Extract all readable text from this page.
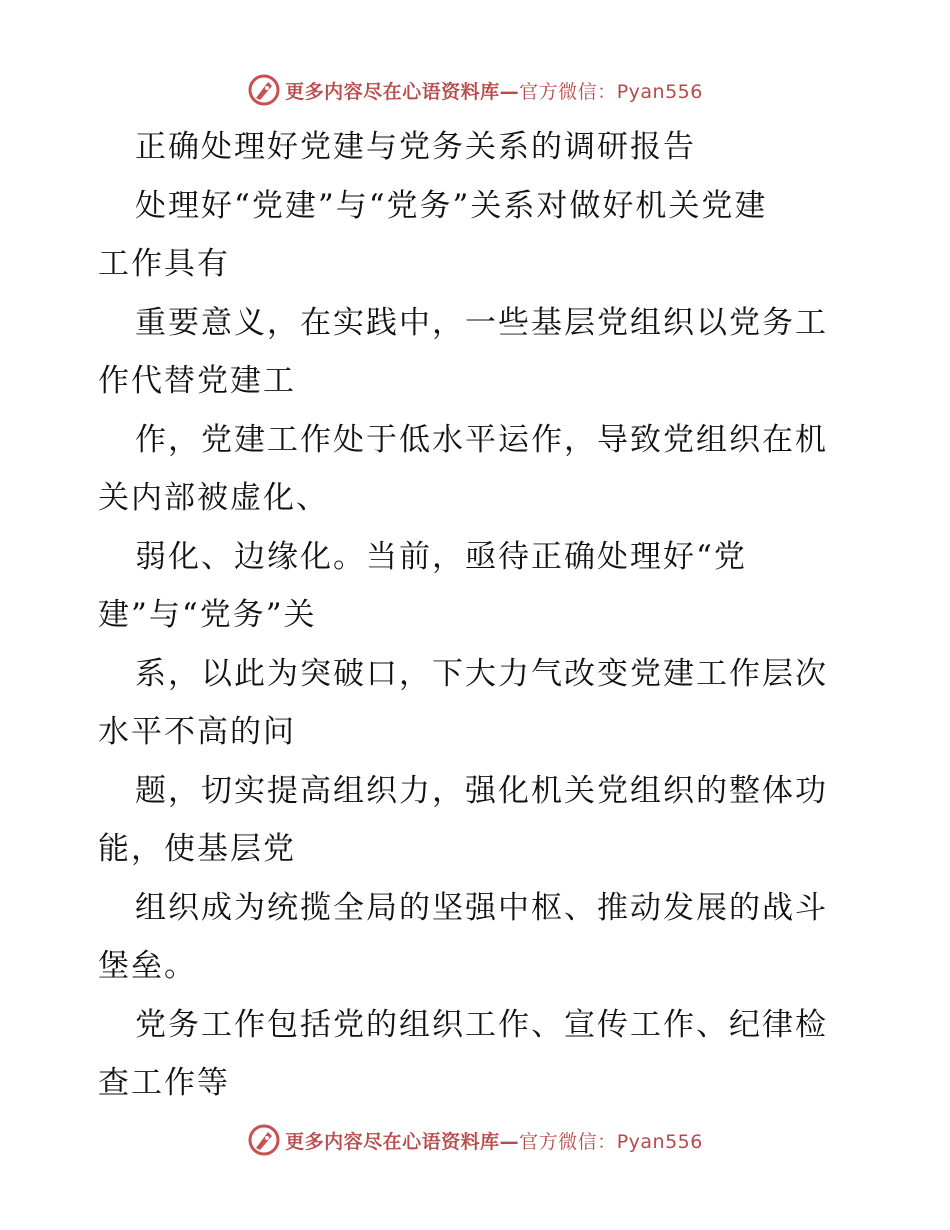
更多内容尽在心语资料库—官方微信：Pyan556
正确处理好党建与党务关系的调研报告
处理好“党建”与“党务”关系对做好机关党建
工作具有
重要意义，在实践中，一些基层党组织以党务工
作代替党建工
作，党建工作处于低水平运作，导致党组织在机
关内部被虚化、
弱化、边缘化。当前，亟待正确处理好“党
建”与“党务”关
系，以此为突破口，下大力气改变党建工作层次
水平不高的问
题，切实提高组织力，强化机关党组织的整体功
能，使基层党
组织成为统揽全局的坚强中枢、推动发展的战斗
堡垒。
党务工作包括党的组织工作、宣传工作、纪律检
查工作等
更多内容尽在心语资料库—官方微信：Pyan556
